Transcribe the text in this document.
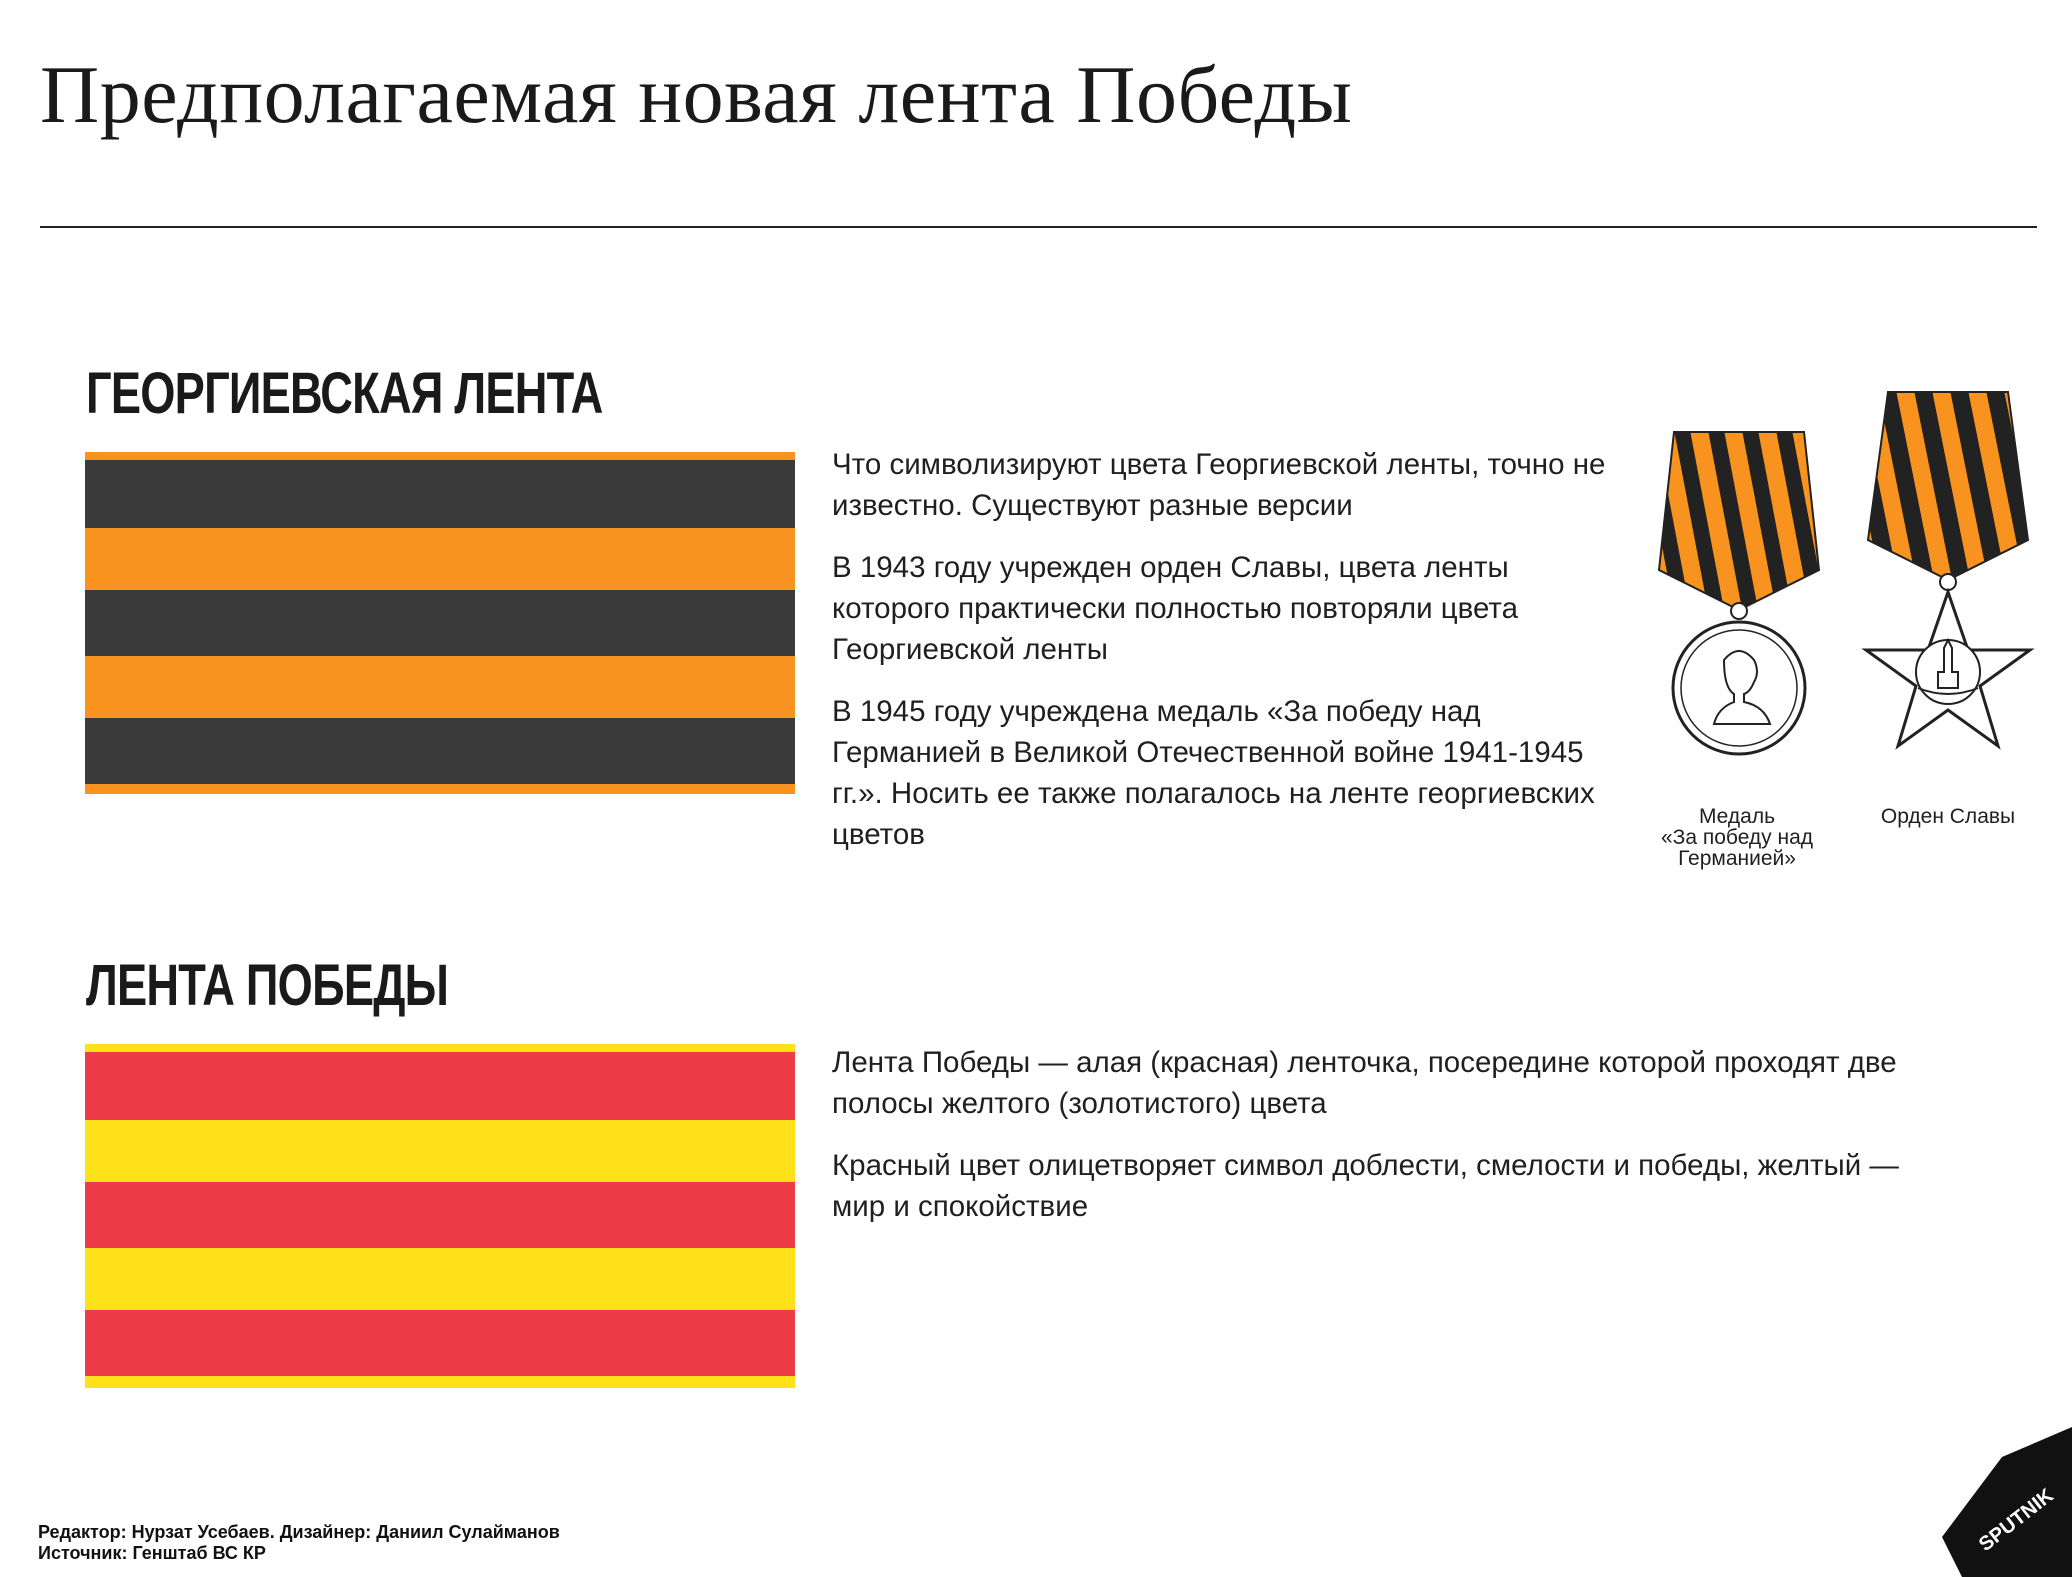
Предполагаемая новая лента Победы
ГЕОРГИЕВСКАЯ ЛЕНТА

Что символизируют цвета Георгиевской ленты, точно не известно. Существуют разные версии

В 1943 году учрежден орден Славы, цвета ленты которого практически полностью повторяли цвета Георгиевской ленты

В 1945 году учреждена медаль «За победу над Германией в Великой Отечественной войне 1941-1945 гг.». Носить ее также полагалось на ленте георгиевских цветов

Медаль
«За победу над
Германией»
Орден Славы
ЛЕНТА ПОБЕДЫ

Лента Победы — алая (красная) ленточка, посередине которой проходят две полосы желтого (золотистого) цвета

Красный цвет олицетворяет символ доблести, смелости и победы, желтый — мир и спокойствие

Редактор: Нурзат Усебаев. Дизайнер: Даниил Сулайманов
Источник: Генштаб ВС КР	SPUTNIK
